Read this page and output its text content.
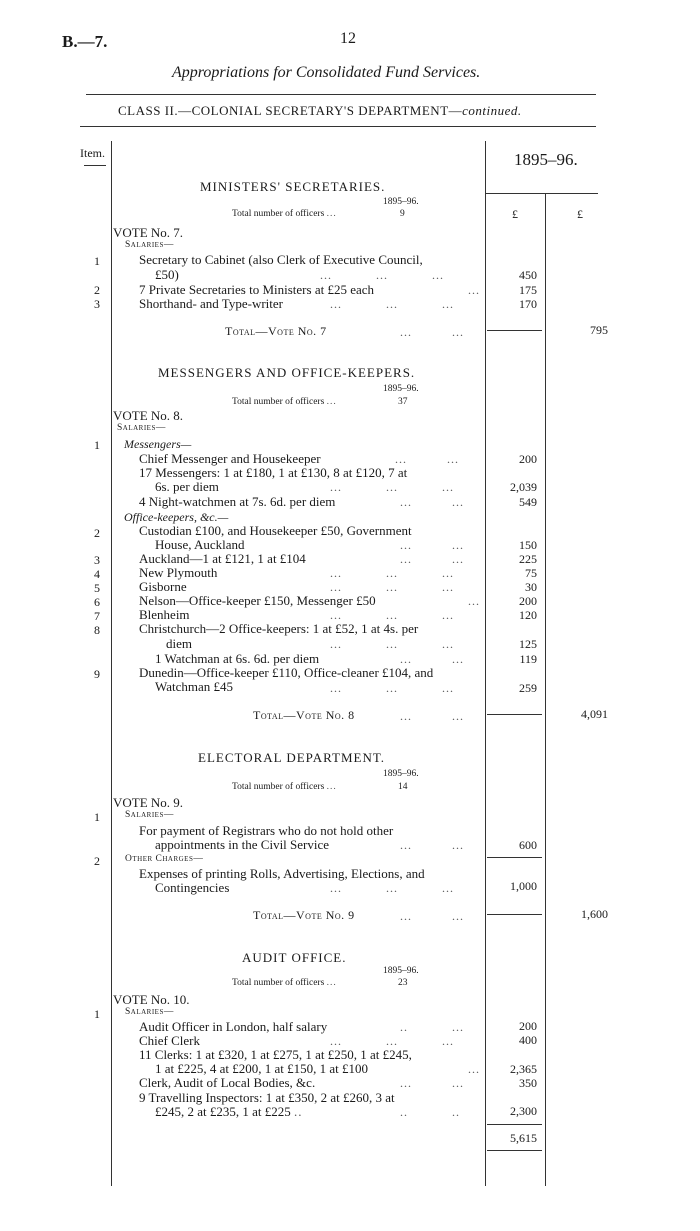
B.—7.	12
Appropriations for Consolidated Fund Services.
CLASS II.—COLONIAL SECRETARY'S DEPARTMENT—continued.
Item.	1895–96.
£	£
MINISTERS' SECRETARIES.
1895–96.
Total number of officers ...	9
VOTE No. 7.
Salaries—
1	Secretary to Cabinet (also Clerk of Executive Council,
£50)	...           ...           ...	450
2	7 Private Secretaries to Ministers at £25 each	...	175
3	Shorthand- and Type-writer	...           ...           ...	170
Total—Vote No. 7	...          ...	795
MESSENGERS AND OFFICE-KEEPERS.
1895–96.
Total number of officers ...	37
VOTE No. 8.
Salaries—
1 Messengers—
Chief Messenger and Housekeeper	...          ...	200
17 Messengers: 1 at £180, 1 at £130, 8 at £120, 7 at
6s. per diem	...           ...           ...	2,039
4 Night-watchmen at 7s. 6d. per diem	...          ...	549
Office-keepers, &c.—
2	Custodian £100, and Housekeeper £50, Government
House, Auckland	...          ...	150
3	Auckland—1 at £121, 1 at £104	...          ...	225
4	New Plymouth	...           ...           ...	75
5	Gisborne	...           ...           ...	30
6	Nelson—Office-keeper £150, Messenger £50	...	200
7	Blenheim	...           ...           ...	120
8	Christchurch—2 Office-keepers: 1 at £52, 1 at 4s. per
diem	...           ...           ...	125
1 Watchman at 6s. 6d. per diem	...          ...	119
9	Dunedin—Office-keeper £110, Office-cleaner £104, and
Watchman £45	...           ...           ...	259
Total—Vote No. 8	...          ...	4,091
ELECTORAL DEPARTMENT.
1895–96.
Total number of officers ...	14
VOTE No. 9.
1	Salaries—
For payment of Registrars who do not hold other
appointments in the Civil Service	...          ...	600
2	Other Charges—
Expenses of printing Rolls, Advertising, Elections, and
Contingencies	...           ...           ...	1,000
Total—Vote No. 9	...          ...	1,600
AUDIT OFFICE.
1895–96.
Total number of officers ...	23
VOTE No. 10.
1	Salaries—
Audit Officer in London, half salary	..           ...	200
Chief Clerk	...           ...           ...	400
11 Clerks: 1 at £320, 1 at £275, 1 at £250, 1 at £245,
1 at £225, 4 at £200, 1 at £150, 1 at £100	...	2,365
Clerk, Audit of Local Bodies, &c.	...          ...	350
9 Travelling Inspectors: 1 at £350, 2 at £260, 3 at
£245, 2 at £235, 1 at £225 ..	..           ..	2,300
5,615
